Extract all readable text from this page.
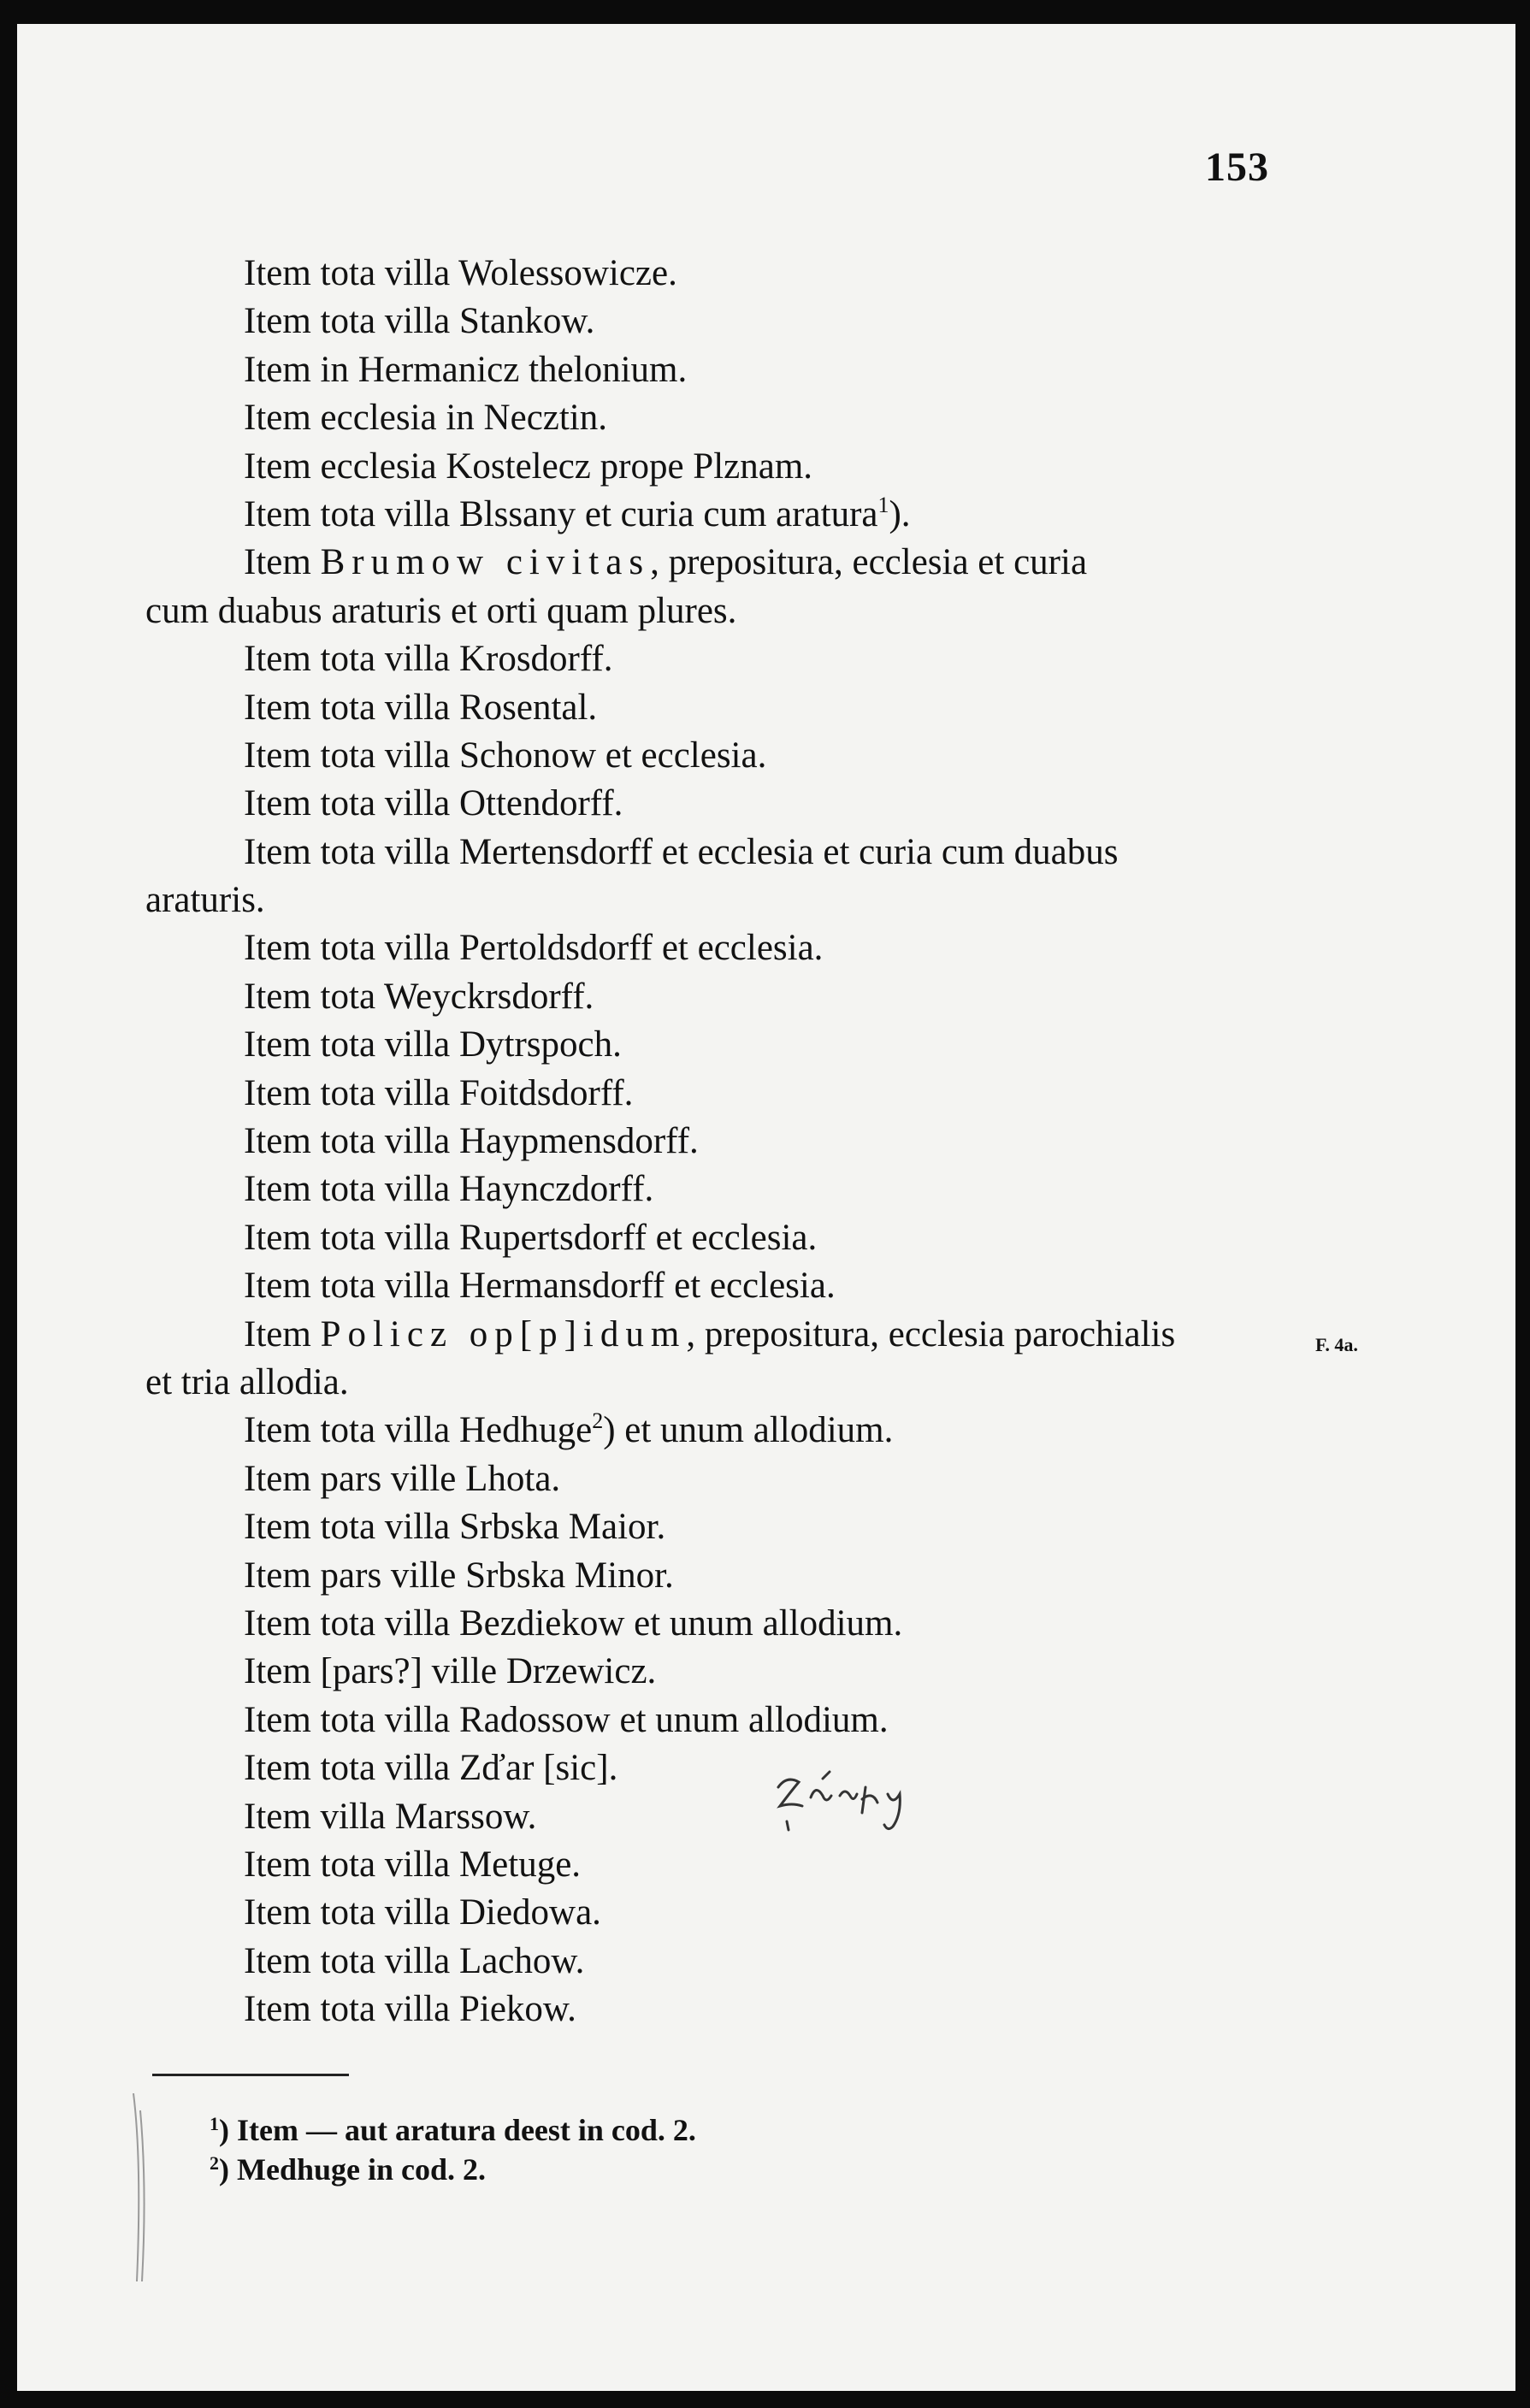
153
Item tota villa Wolessowicze.
Item tota villa Stankow.
Item in Hermanicz thelonium.
Item ecclesia in Necztin.
Item ecclesia Kostelecz prope Plznam.
Item tota villa Blssany et curia cum aratura$^1$).
Item Brumow civitas, prepositura, ecclesia et curia
cum duabus araturis et orti quam plures.
Item tota villa Krosdorff.
Item tota villa Rosental.
Item tota villa Schonow et ecclesia.
Item tota villa Ottendorff.
Item tota villa Mertensdorff et ecclesia et curia cum duabus
araturis.
Item tota villa Pertoldsdorff et ecclesia.
Item tota Weyckrsdorff.
Item tota villa Dytrspoch.
Item tota villa Foitdsdorff.
Item tota villa Haypmensdorff.
Item tota villa Haynczdorff.
Item tota villa Rupertsdorff et ecclesia.
Item tota villa Hermansdorff et ecclesia.
Item Policz op[p]idum, prepositura, ecclesia parochialis
et tria allodia.
Item tota villa Hedhuge$^2$) et unum allodium.
Item pars ville Lhota.
Item tota villa Srbska Maior.
Item pars ville Srbska Minor.
Item tota villa Bezdiekow et unum allodium.
Item [pars?] ville Drzewicz.
Item tota villa Radossow et unum allodium.
Item tota villa Zďar [sic].
Item villa Marssow.
Item tota villa Metuge.
Item tota villa Diedowa.
Item tota villa Lachow.
Item tota villa Piekow.
F. 4a.
$^1$) Item — aut aratura deest in cod. 2.
$^2$) Medhuge in cod. 2.
